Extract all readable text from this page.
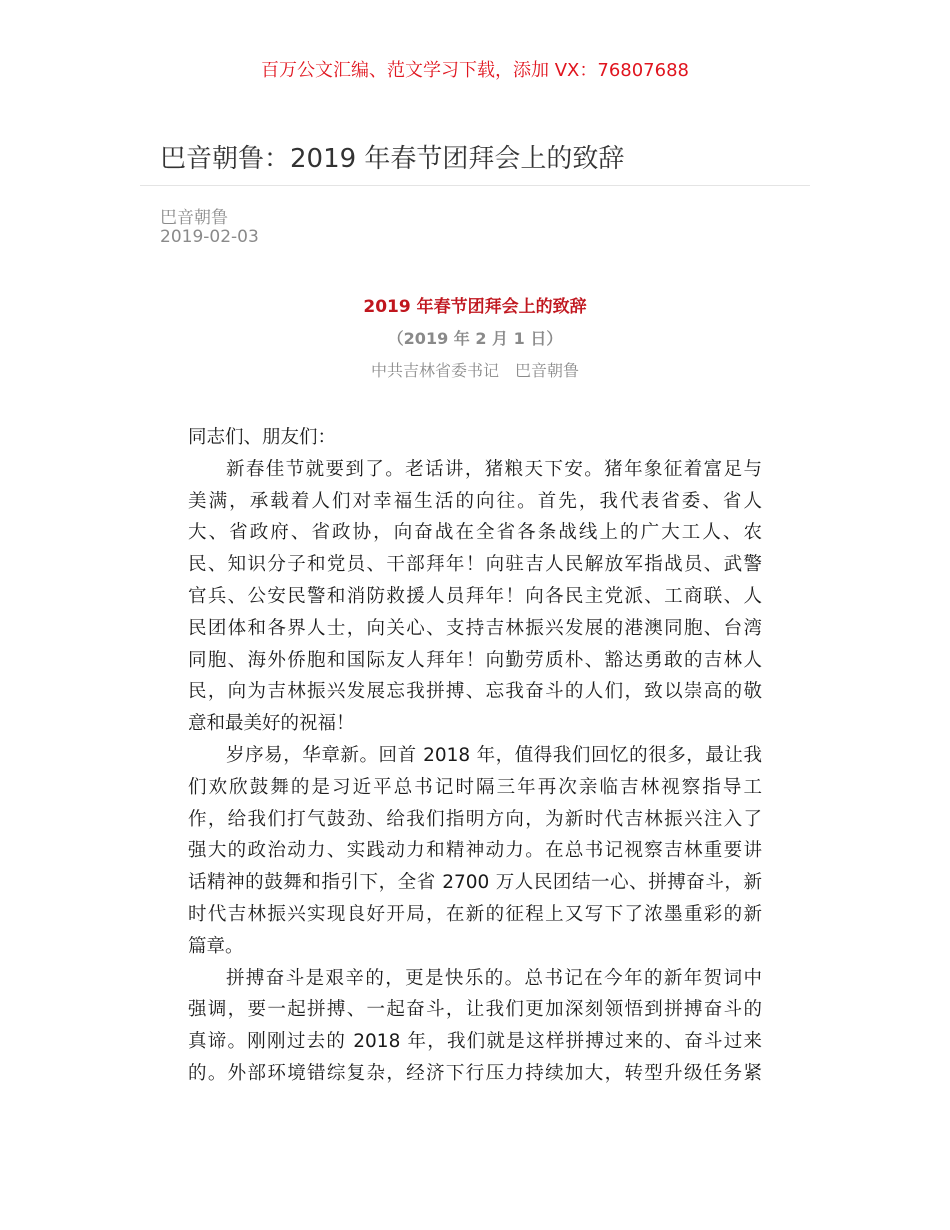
百万公文汇编、范文学习下载，添加 VX：76807688
巴音朝鲁：2019 年春节团拜会上的致辞
巴音朝鲁
2019-02-03
2019 年春节团拜会上的致辞
（2019 年 2 月 1 日）
中共吉林省委书记　巴音朝鲁
同志们、朋友们：
新春佳节就要到了。老话讲，猪粮天下安。猪年象征着富足与
美满，承载着人们对幸福生活的向往。首先，我代表省委、省人
大、省政府、省政协，向奋战在全省各条战线上的广大工人、农
民、知识分子和党员、干部拜年！向驻吉人民解放军指战员、武警
官兵、公安民警和消防救援人员拜年！向各民主党派、工商联、人
民团体和各界人士，向关心、支持吉林振兴发展的港澳同胞、台湾
同胞、海外侨胞和国际友人拜年！向勤劳质朴、豁达勇敢的吉林人
民，向为吉林振兴发展忘我拼搏、忘我奋斗的人们，致以崇高的敬
意和最美好的祝福！
岁序易，华章新。回首 2018 年，值得我们回忆的很多，最让我
们欢欣鼓舞的是习近平总书记时隔三年再次亲临吉林视察指导工
作，给我们打气鼓劲、给我们指明方向，为新时代吉林振兴注入了
强大的政治动力、实践动力和精神动力。在总书记视察吉林重要讲
话精神的鼓舞和指引下，全省 2700 万人民团结一心、拼搏奋斗，新
时代吉林振兴实现良好开局，在新的征程上又写下了浓墨重彩的新
篇章。
拼搏奋斗是艰辛的，更是快乐的。总书记在今年的新年贺词中
强调，要一起拼搏、一起奋斗，让我们更加深刻领悟到拼搏奋斗的
真谛。刚刚过去的 2018 年，我们就是这样拼搏过来的、奋斗过来
的。外部环境错综复杂，经济下行压力持续加大，转型升级任务紧
